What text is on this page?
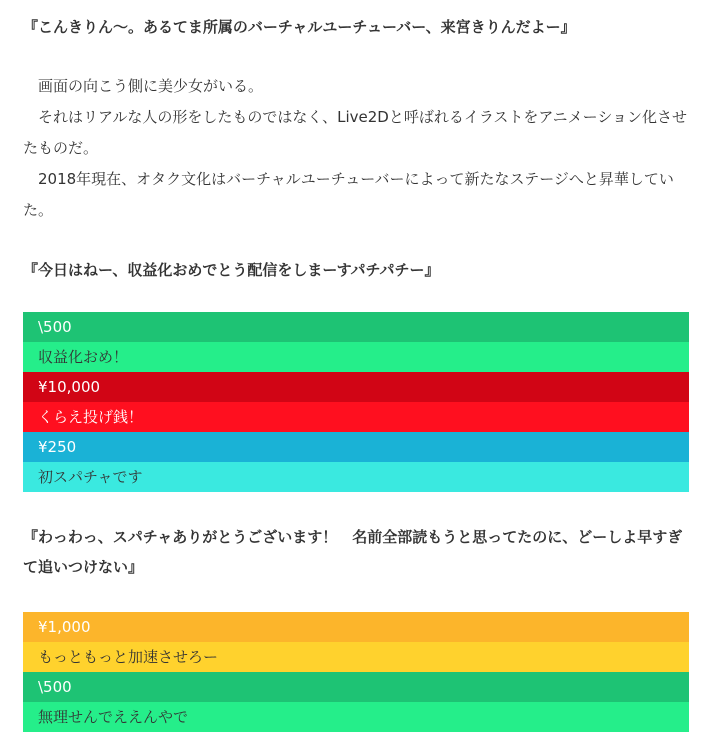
『こんきりん〜。あるてま所属のバーチャルユーチューバー、来宮きりんだよー』

画面の向こう側に美少女がいる。

それはリアルな人の形をしたものではなく、Live2Dと呼ばれるイラストをアニメーション化させたものだ。

2018年現在、オタク文化はバーチャルユーチューバーによって新たなステージへと昇華していた。

『今日はねー、収益化おめでとう配信をしまーすパチパチー』

\500
収益化おめ！
¥10,000
くらえ投げ銭！
¥250
初スパチャです

『わっわっ、スパチャありがとうございます！　名前全部読もうと思ってたのに、どーしよ早すぎて追いつけない』

¥1,000
もっともっと加速させろー
\500
無理せんでええんやで
